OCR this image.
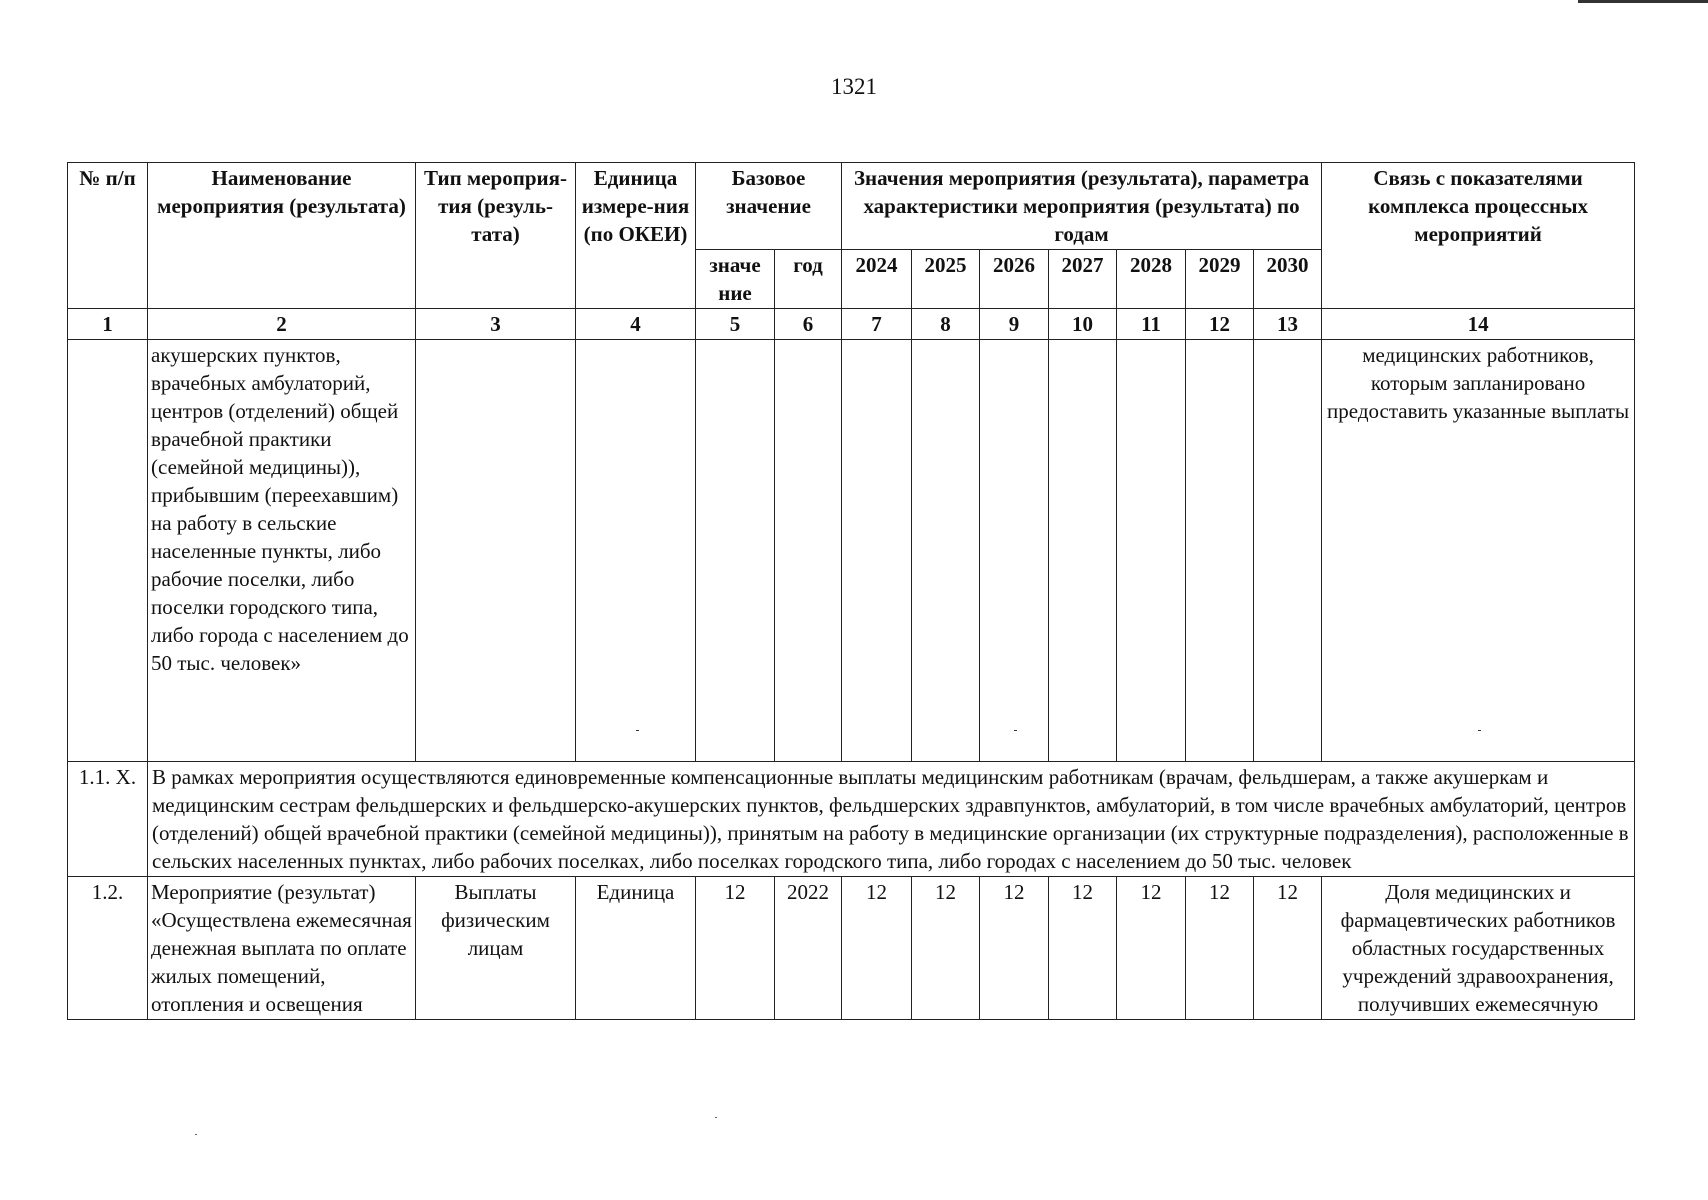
1321
№ п/п	Наименование мероприятия (результата)	Тип мероприя-тия (резуль-тата)	Единица измере-ния (по ОКЕИ)	Базовое значение		Значения мероприятия (результата), параметра характеристики мероприятия (результата) по годам							Связь с показателями комплекса процессных мероприятий
				значе ние	год	2024	2025	2026	2027	2028	2029	2030	
1	2	3	4	5	6	7	8	9	10	11	12	13	14
	акушерских пунктов, врачебных амбулаторий, центров (отделений) общей врачебной практики (семейной медицины)), прибывшим (переехавшим) на работу в сельские населенные пункты, либо рабочие поселки, либо поселки городского типа, либо города с населением до 50 тыс. человек»												медицинских работников, которым запланировано предоставить указанные выплаты
1.1. X.	В рамках мероприятия осуществляются единовременные компенсационные выплаты медицинским работникам (врачам, фельдшерам, а также акушеркам и медицинским сестрам фельдшерских и фельдшерско-акушерских пунктов, фельдшерских здравпунктов, амбулаторий, в том числе врачебных амбулаторий, центров (отделений) общей врачебной практики (семейной медицины)), принятым на работу в медицинские организации (их структурные подразделения), расположенные в сельских населенных пунктах, либо рабочих поселках, либо поселках городского типа, либо городах с населением до 50 тыс. человек												
1.2.	Мероприятие (результат) «Осуществлена ежемесячная денежная выплата по оплате жилых помещений, отопления и освещения	Выплаты физическим лицам	Единица	12	2022	12	12	12	12	12	12	12	Доля медицинских и фармацевтических работников областных государственных учреждений здравоохранения, получивших ежемесячную
